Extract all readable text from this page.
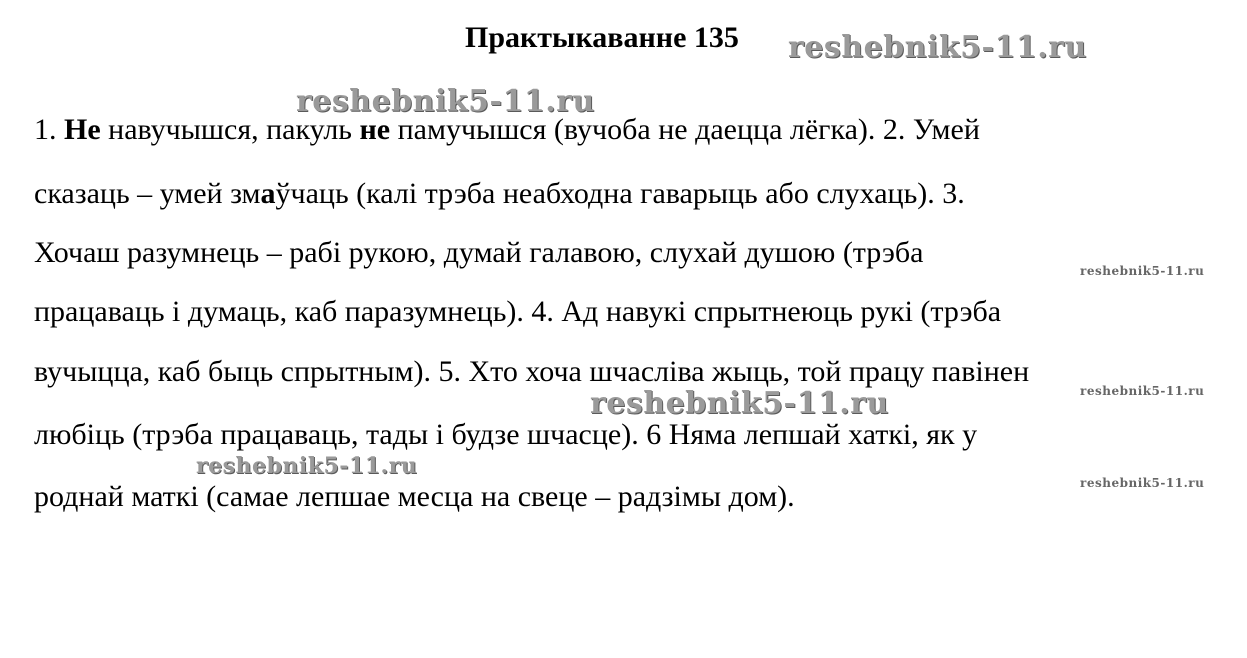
Практыкаванне 135
1. Не навучышся, пакуль не памучышся (вучоба не даецца лёгка). 2. Умей
сказаць – умей змаўчаць (калі трэба неабходна гаварыць або слухаць). 3.
Хочаш разумнець – рабі рукою, думай галавою, слухай душою (трэба
працаваць і думаць, каб паразумнець). 4. Ад навукі спрытнеюць рукі (трэба
вучыцца, каб быць спрытным). 5. Хто хоча шчасліва жыць, той працу павінен
любіць (трэба працаваць, тады і будзе шчасце). 6 Няма лепшай хаткі, як у
роднай маткі (самае лепшае месца на свеце – радзімы дом).
reshebnik5-11.ru
reshebnik5-11.ru
reshebnik5-11.ru
reshebnik5-11.ru	reshebnik5-11.ru
reshebnik5-11.ru
reshebnik5-11.ru
